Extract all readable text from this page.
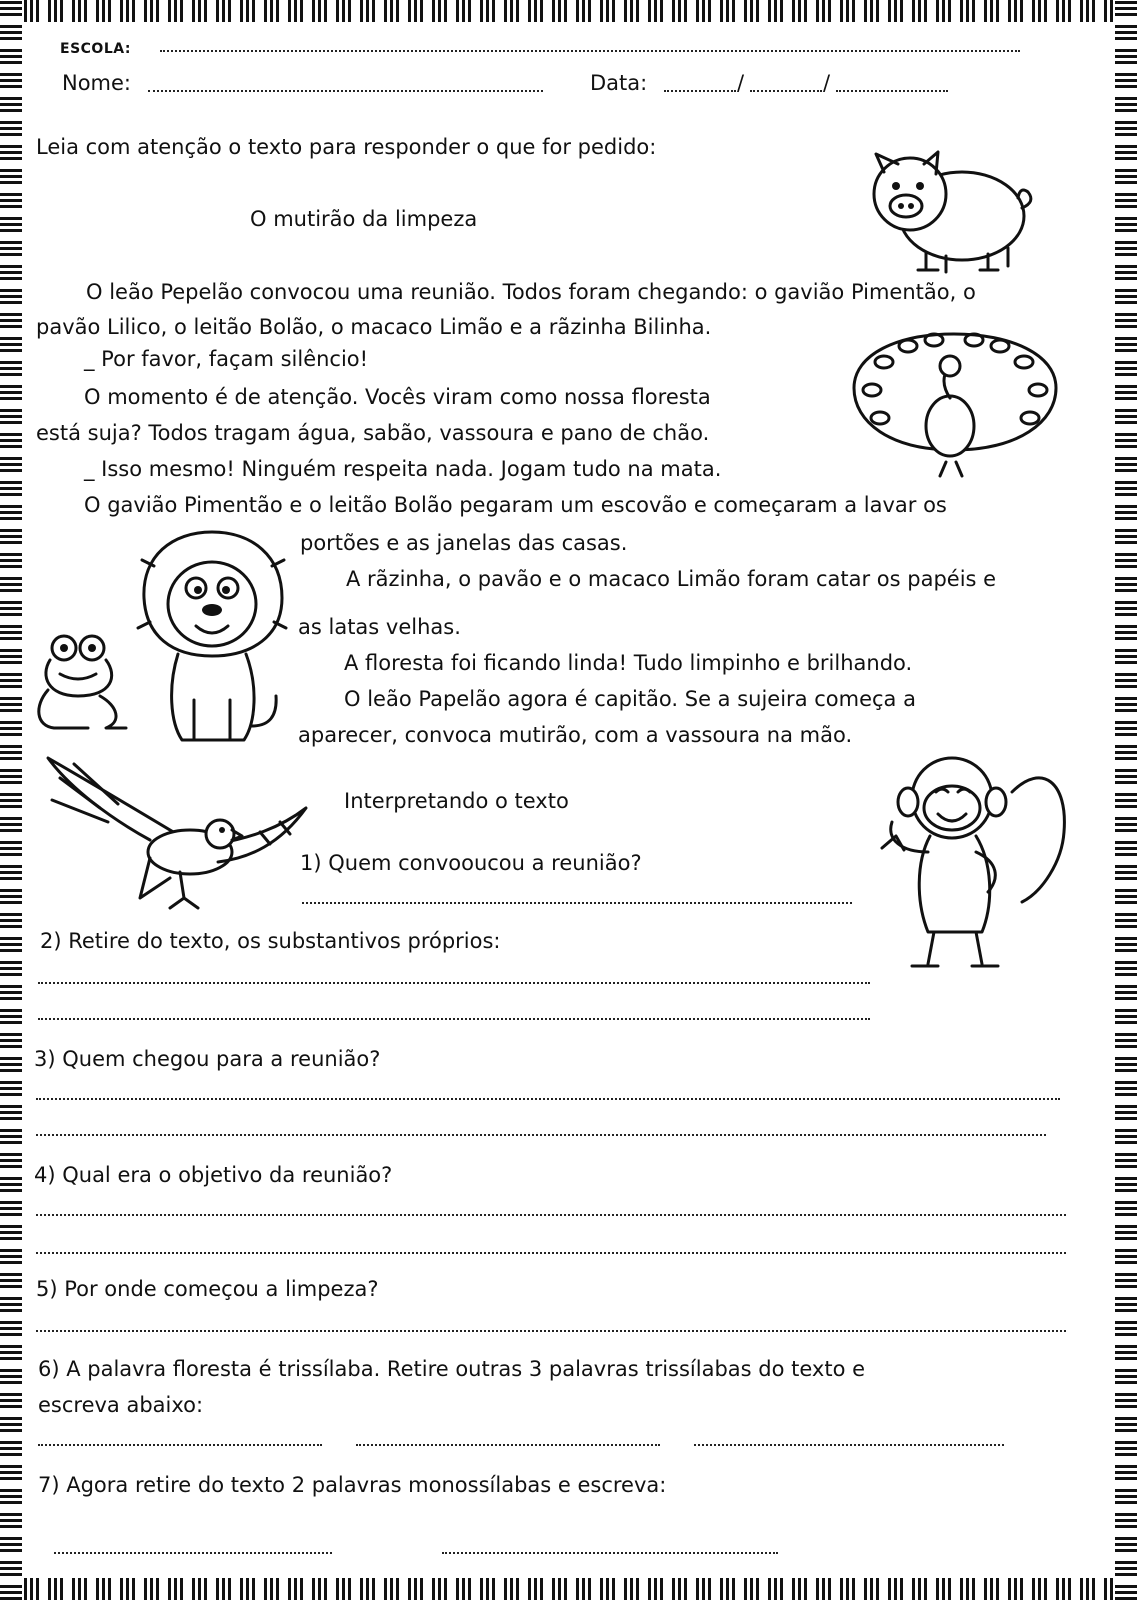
ESCOLA:
Nome:	Data:	/	/
Leia com atenção o texto para responder o que for pedido:
O mutirão da limpeza
O leão Pepelão convocou uma reunião. Todos foram chegando: o gavião Pimentão, o
pavão Lilico, o leitão Bolão, o macaco Limão e a rãzinha Bilinha.
_ Por favor, façam silêncio!
O momento é de atenção. Vocês viram como nossa floresta
está suja? Todos tragam água, sabão, vassoura e pano de chão.
_ Isso mesmo! Ninguém respeita nada. Jogam tudo na mata.
O gavião Pimentão e o leitão Bolão pegaram um escovão e começaram a lavar os
portões e as janelas das casas.
A rãzinha, o pavão e o macaco Limão foram catar os papéis e
as latas velhas.
A floresta foi ficando linda! Tudo limpinho e brilhando.
O leão Papelão agora é capitão. Se a sujeira começa a
aparecer, convoca mutirão, com a vassoura na mão.
Interpretando o texto
1) Quem convooucou a reunião?
2) Retire do texto, os substantivos próprios:
3) Quem chegou para a reunião?
4) Qual era o objetivo da reunião?
5) Por onde começou a limpeza?
6) A palavra floresta é trissílaba. Retire outras 3 palavras trissílabas do texto e
escreva abaixo:
7) Agora retire do texto 2 palavras monossílabas e escreva:
